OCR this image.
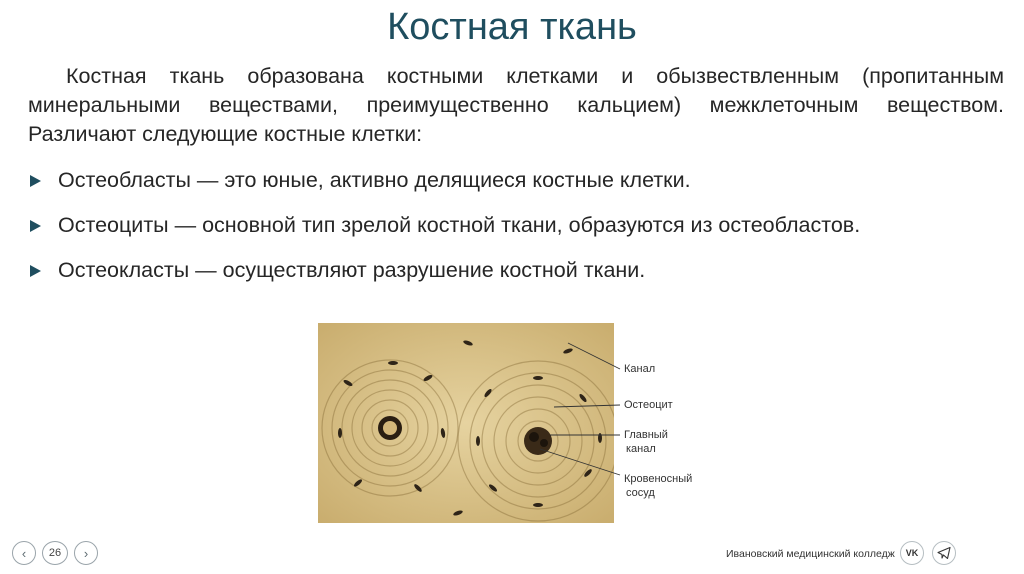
Костная ткань

Костная ткань образована костными клетками и обызвествленным (пропитанным минеральными веществами, преимущественно кальцием) межклеточным веществом. Различают следующие костные клетки:

Остеобласты — это юные, активно делящиеся костные клетки.
Остеоциты — основной тип зрелой костной ткани, образуются из остеобластов.
Остеокласты — осуществляют разрушение костной ткани.
Канал
Остеоцит
Главный
канал
Кровеносный
сосуд
‹	26	›	Ивановский медицинский колледж VK
